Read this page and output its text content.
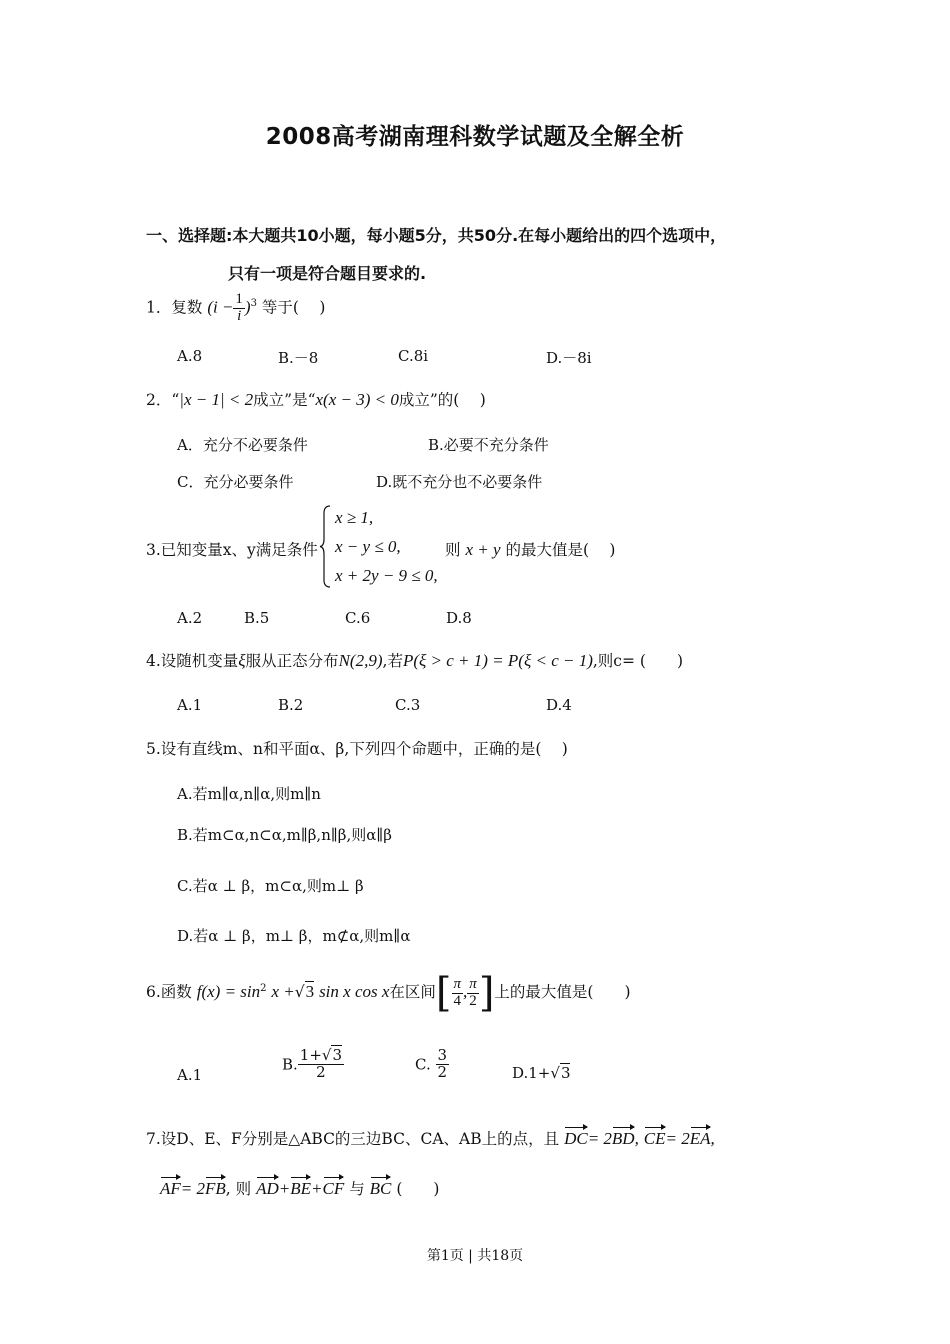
2008高考湖南理科数学试题及全解全析
一、选择题:本大题共10小题，每小题5分，共50分.在每小题给出的四个选项中，
只有一项是符合题目要求的.
1．复数 $(i - \frac{1}{i} )^3$ 等于(　 )
A.8	B.－8	C.8i	D.－8i
2．“|x − 1| < 2成立”是“x(x − 3) < 0成立”的(　 )
A．充分不必要条件	B.必要不充分条件
C．充分必要条件	D.既不充分也不必要条件
3.已知变量x、y满足条件
x ≥ 1,
x − y ≤ 0,
x + 2y − 9 ≤ 0,
则 x + y 的最大值是(　 )
A.2	B.5	C.6	D.8
4.设随机变量ξ服从正态分布N(2,9),若P(ξ > c + 1) = P(ξ < c − 1),则c= (　　)
A.1	B.2	C.3	D.4
5.设有直线m、n和平面α、β,下列四个命题中，正确的是(　 )
A.若m∥α,n∥α,则m∥n
B.若m⊂α,n⊂α,m∥β,n∥β,则α∥β
C.若α ⊥ β，m⊂α,则m⊥ β
D.若α ⊥ β，m⊥ β，m⊄α,则m∥α
6.函数 $f(x) = \sin^2 x +√3$ sin x cos x在区间[ $\frac{\pi}{4}$ , $\frac{\pi}{2}$ ]上的最大值是(　　)
A.1
B. $\frac{1+√3}{2}$	C. $\frac{3}{2}$	D.1+√3
7.设D、E、F分别是△ABC的三边BC、CA、AB上的点，且 DC= 2BD, CE= 2EA,
AF= 2FB, 则 AD+BE+CF 与 BC (　　)
第1页 | 共18页
